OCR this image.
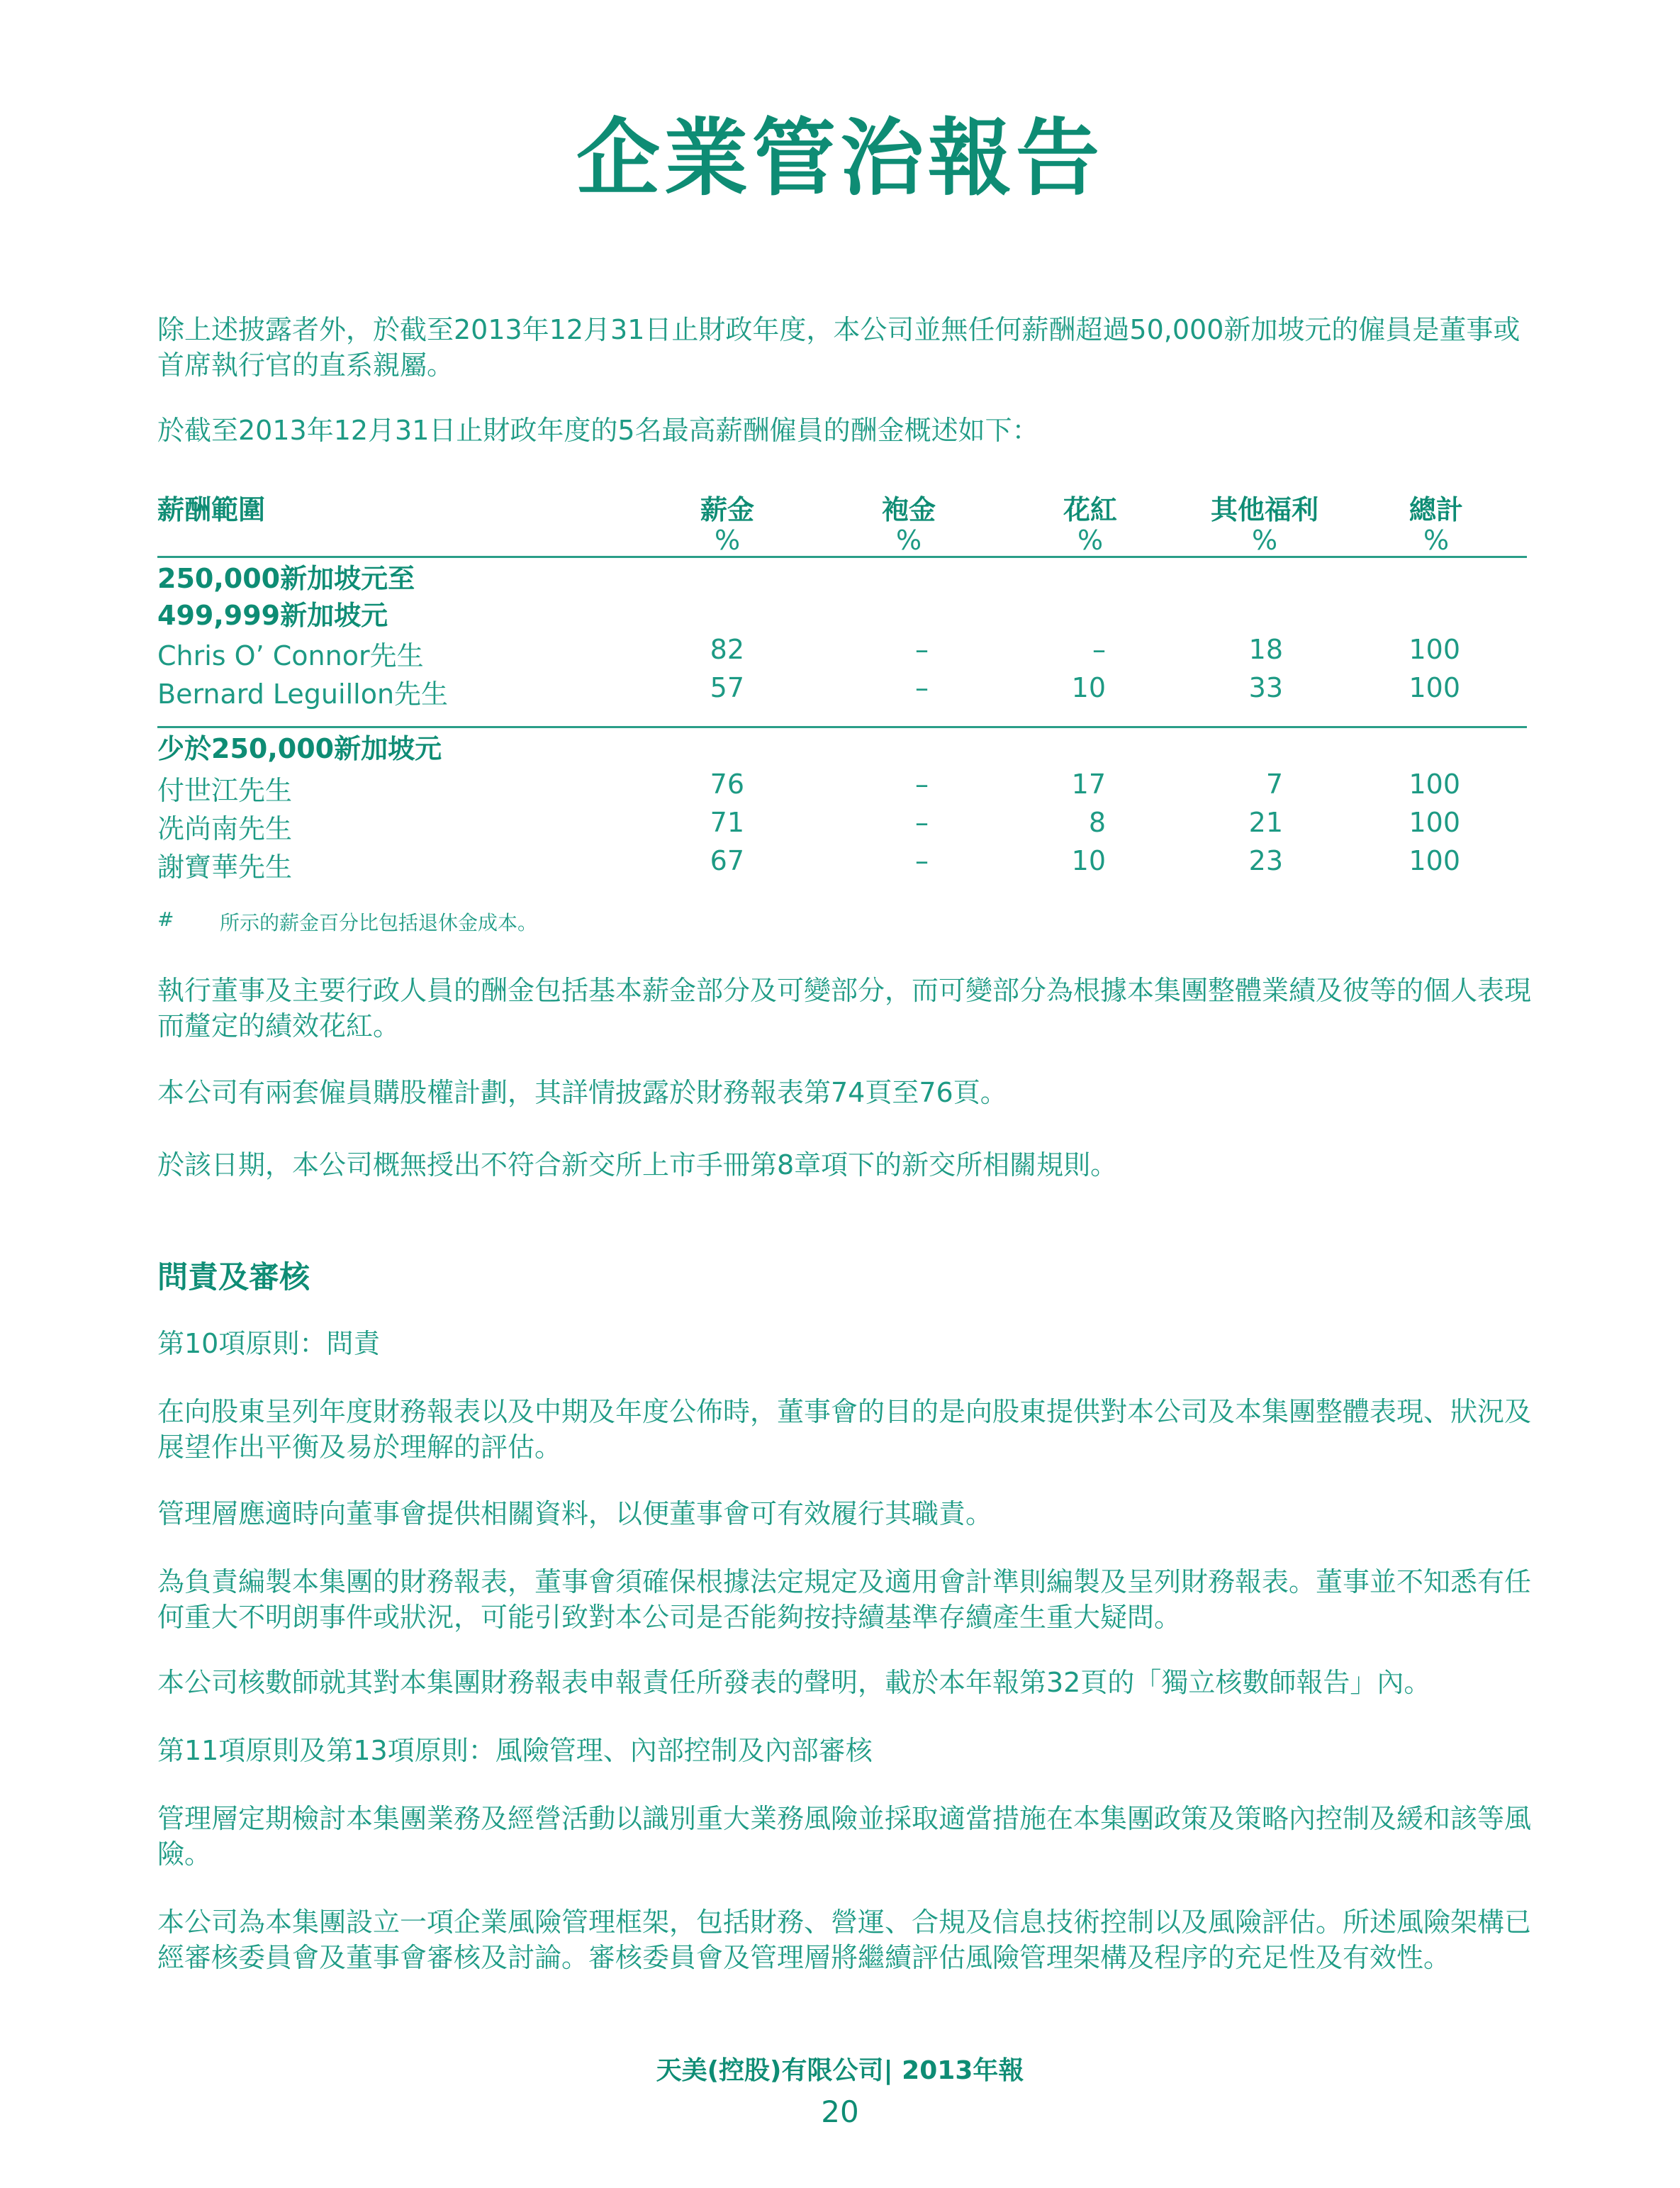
企業管治報告
除上述披露者外，於截至2013年12月31日止財政年度，本公司並無任何薪酬超過50,000新加坡元的僱員是董事或首席執行官的直系親屬。
於截至2013年12月31日止財政年度的5名最高薪酬僱員的酬金概述如下：
薪酬範圍	薪金	袍金	花紅	其他福利	總計
%	%	%	%	%
250,000新加坡元至
499,999新加坡元
Chris O’ Connor先生	82	–	–	18	100
Bernard Leguillon先生	57	–	10	33	100
少於250,000新加坡元
付世江先生	76	–	17	7	100
冼尚南先生	71	–	8	21	100
謝寶華先生	67	–	10	23	100
# 所示的薪金百分比包括退休金成本。
執行董事及主要行政人員的酬金包括基本薪金部分及可變部分，而可變部分為根據本集團整體業績及彼等的個人表現而釐定的績效花紅。
本公司有兩套僱員購股權計劃，其詳情披露於財務報表第74頁至76頁。
於該日期，本公司概無授出不符合新交所上市手冊第8章項下的新交所相關規則。
問責及審核
第10項原則：問責
在向股東呈列年度財務報表以及中期及年度公佈時，董事會的目的是向股東提供對本公司及本集團整體表現、狀況及展望作出平衡及易於理解的評估。
管理層應適時向董事會提供相關資料，以便董事會可有效履行其職責。
為負責編製本集團的財務報表，董事會須確保根據法定規定及適用會計準則編製及呈列財務報表。董事並不知悉有任何重大不明朗事件或狀況，可能引致對本公司是否能夠按持續基準存續產生重大疑問。
本公司核數師就其對本集團財務報表申報責任所發表的聲明，載於本年報第32頁的「獨立核數師報告」內。
第11項原則及第13項原則：風險管理、內部控制及內部審核
管理層定期檢討本集團業務及經營活動以識別重大業務風險並採取適當措施在本集團政策及策略內控制及緩和該等風險。
本公司為本集團設立一項企業風險管理框架，包括財務、營運、合規及信息技術控制以及風險評估。所述風險架構已經審核委員會及董事會審核及討論。審核委員會及管理層將繼續評估風險管理架構及程序的充足性及有效性。
天美(控股)有限公司| 2013年報
20
